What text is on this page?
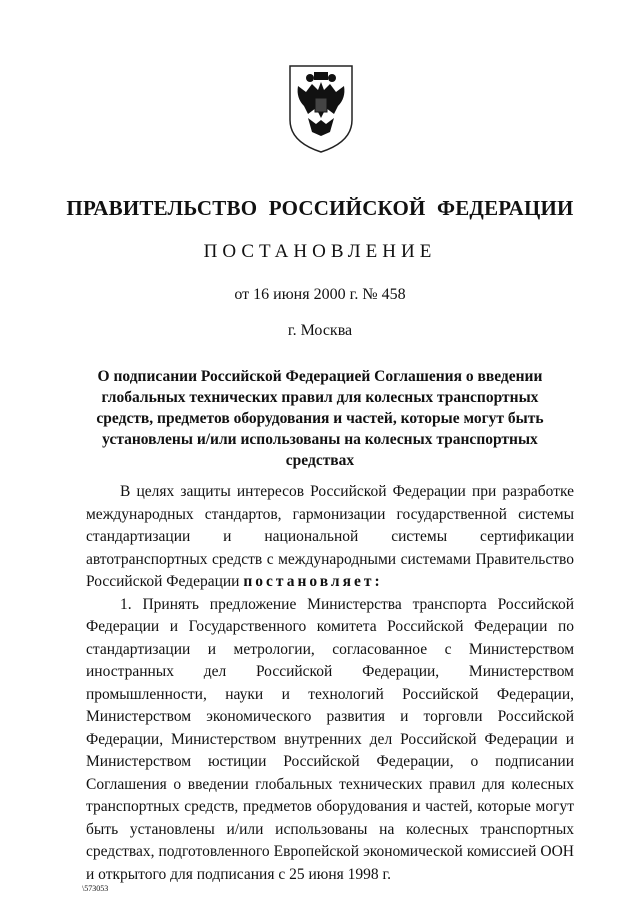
ПРАВИТЕЛЬСТВО РОССИЙСКОЙ ФЕДЕРАЦИИ
ПОСТАНОВЛЕНИЕ
от 16 июня 2000 г. № 458
г. Москва
О подписании Российской Федерацией Соглашения о введении глобальных технических правил для колесных транспортных средств, предметов оборудования и частей, которые могут быть установлены и/или использованы на колесных транспортных средствах

В целях защиты интересов Российской Федерации при разработке международных стандартов, гармонизации государственной системы стандартизации и национальной системы сертификации автотранспортных средств с международными системами Правительство Российской Федерации постановляет:

1. Принять предложение Министерства транспорта Российской Федерации и Государственного комитета Российской Федерации по стандартизации и метрологии, согласованное с Министерством иностранных дел Российской Федерации, Министерством промышленности, науки и технологий Российской Федерации, Министерством экономического развития и торговли Российской Федерации, Министерством внутренних дел Российской Федерации и Министерством юстиции Российской Федерации, о подписании Соглашения о введении глобальных технических правил для колесных транспортных средств, предметов оборудования и частей, которые могут быть установлены и/или использованы на колесных транспортных средствах, подготовленного Европейской экономической комиссией ООН и открытого для подписания с 25 июня 1998 г.

\573053
